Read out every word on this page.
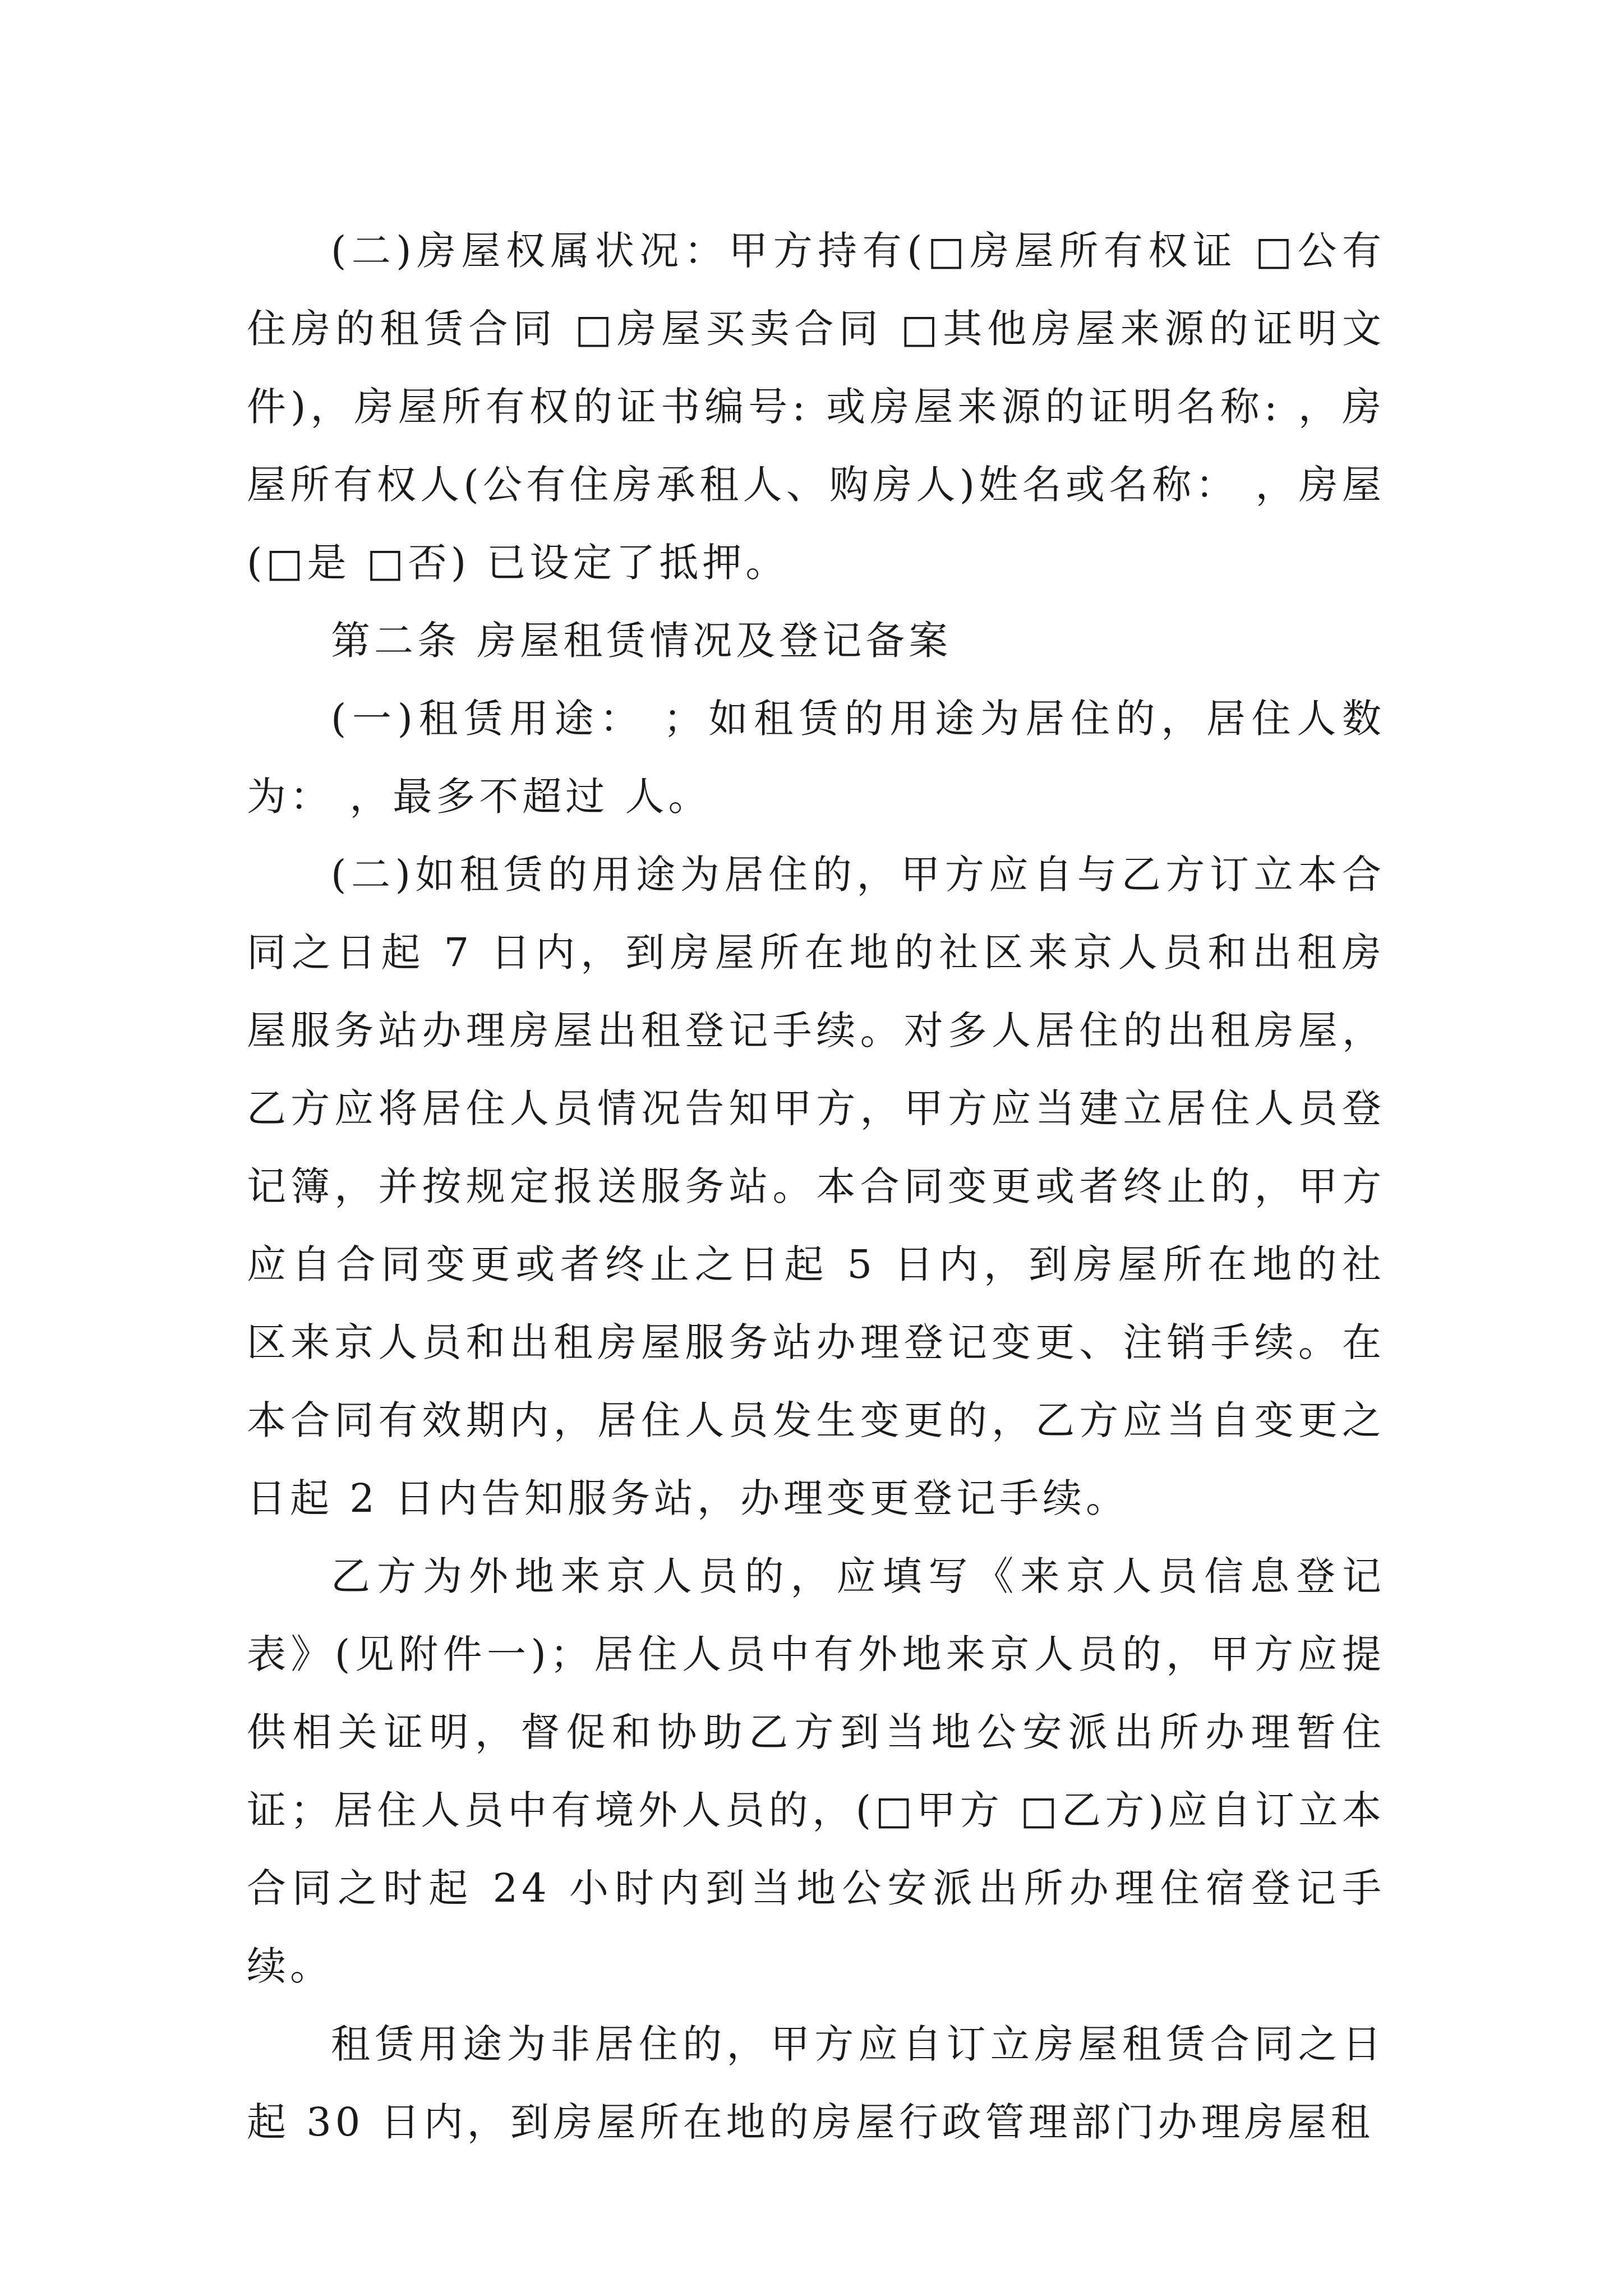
(二)房屋权属状况：甲方持有(□房屋所有权证 □公有住房的租赁合同 □房屋买卖合同 □其他房屋来源的证明文件)，房屋所有权的证书编号: 或房屋来源的证明名称: ，房屋所有权人(公有住房承租人、购房人)姓名或名称： ，房屋(□是 □否) 已设定了抵押。

第二条 房屋租赁情况及登记备案

(一)租赁用途： ；如租赁的用途为居住的，居住人数为： ，最多不超过 人。

(二)如租赁的用途为居住的，甲方应自与乙方订立本合同之日起 7 日内，到房屋所在地的社区来京人员和出租房屋服务站办理房屋出租登记手续。对多人居住的出租房屋，乙方应将居住人员情况告知甲方，甲方应当建立居住人员登记簿，并按规定报送服务站。本合同变更或者终止的，甲方应自合同变更或者终止之日起 5 日内，到房屋所在地的社区来京人员和出租房屋服务站办理登记变更、注销手续。在本合同有效期内，居住人员发生变更的，乙方应当自变更之日起 2 日内告知服务站，办理变更登记手续。

乙方为外地来京人员的，应填写《来京人员信息登记表》(见附件一)；居住人员中有外地来京人员的，甲方应提供相关证明，督促和协助乙方到当地公安派出所办理暂住证；居住人员中有境外人员的，(□甲方 □乙方)应自订立本合同之时起 24 小时内到当地公安派出所办理住宿登记手续。

租赁用途为非居住的，甲方应自订立房屋租赁合同之日起 30 日内，到房屋所在地的房屋行政管理部门办理房屋租
